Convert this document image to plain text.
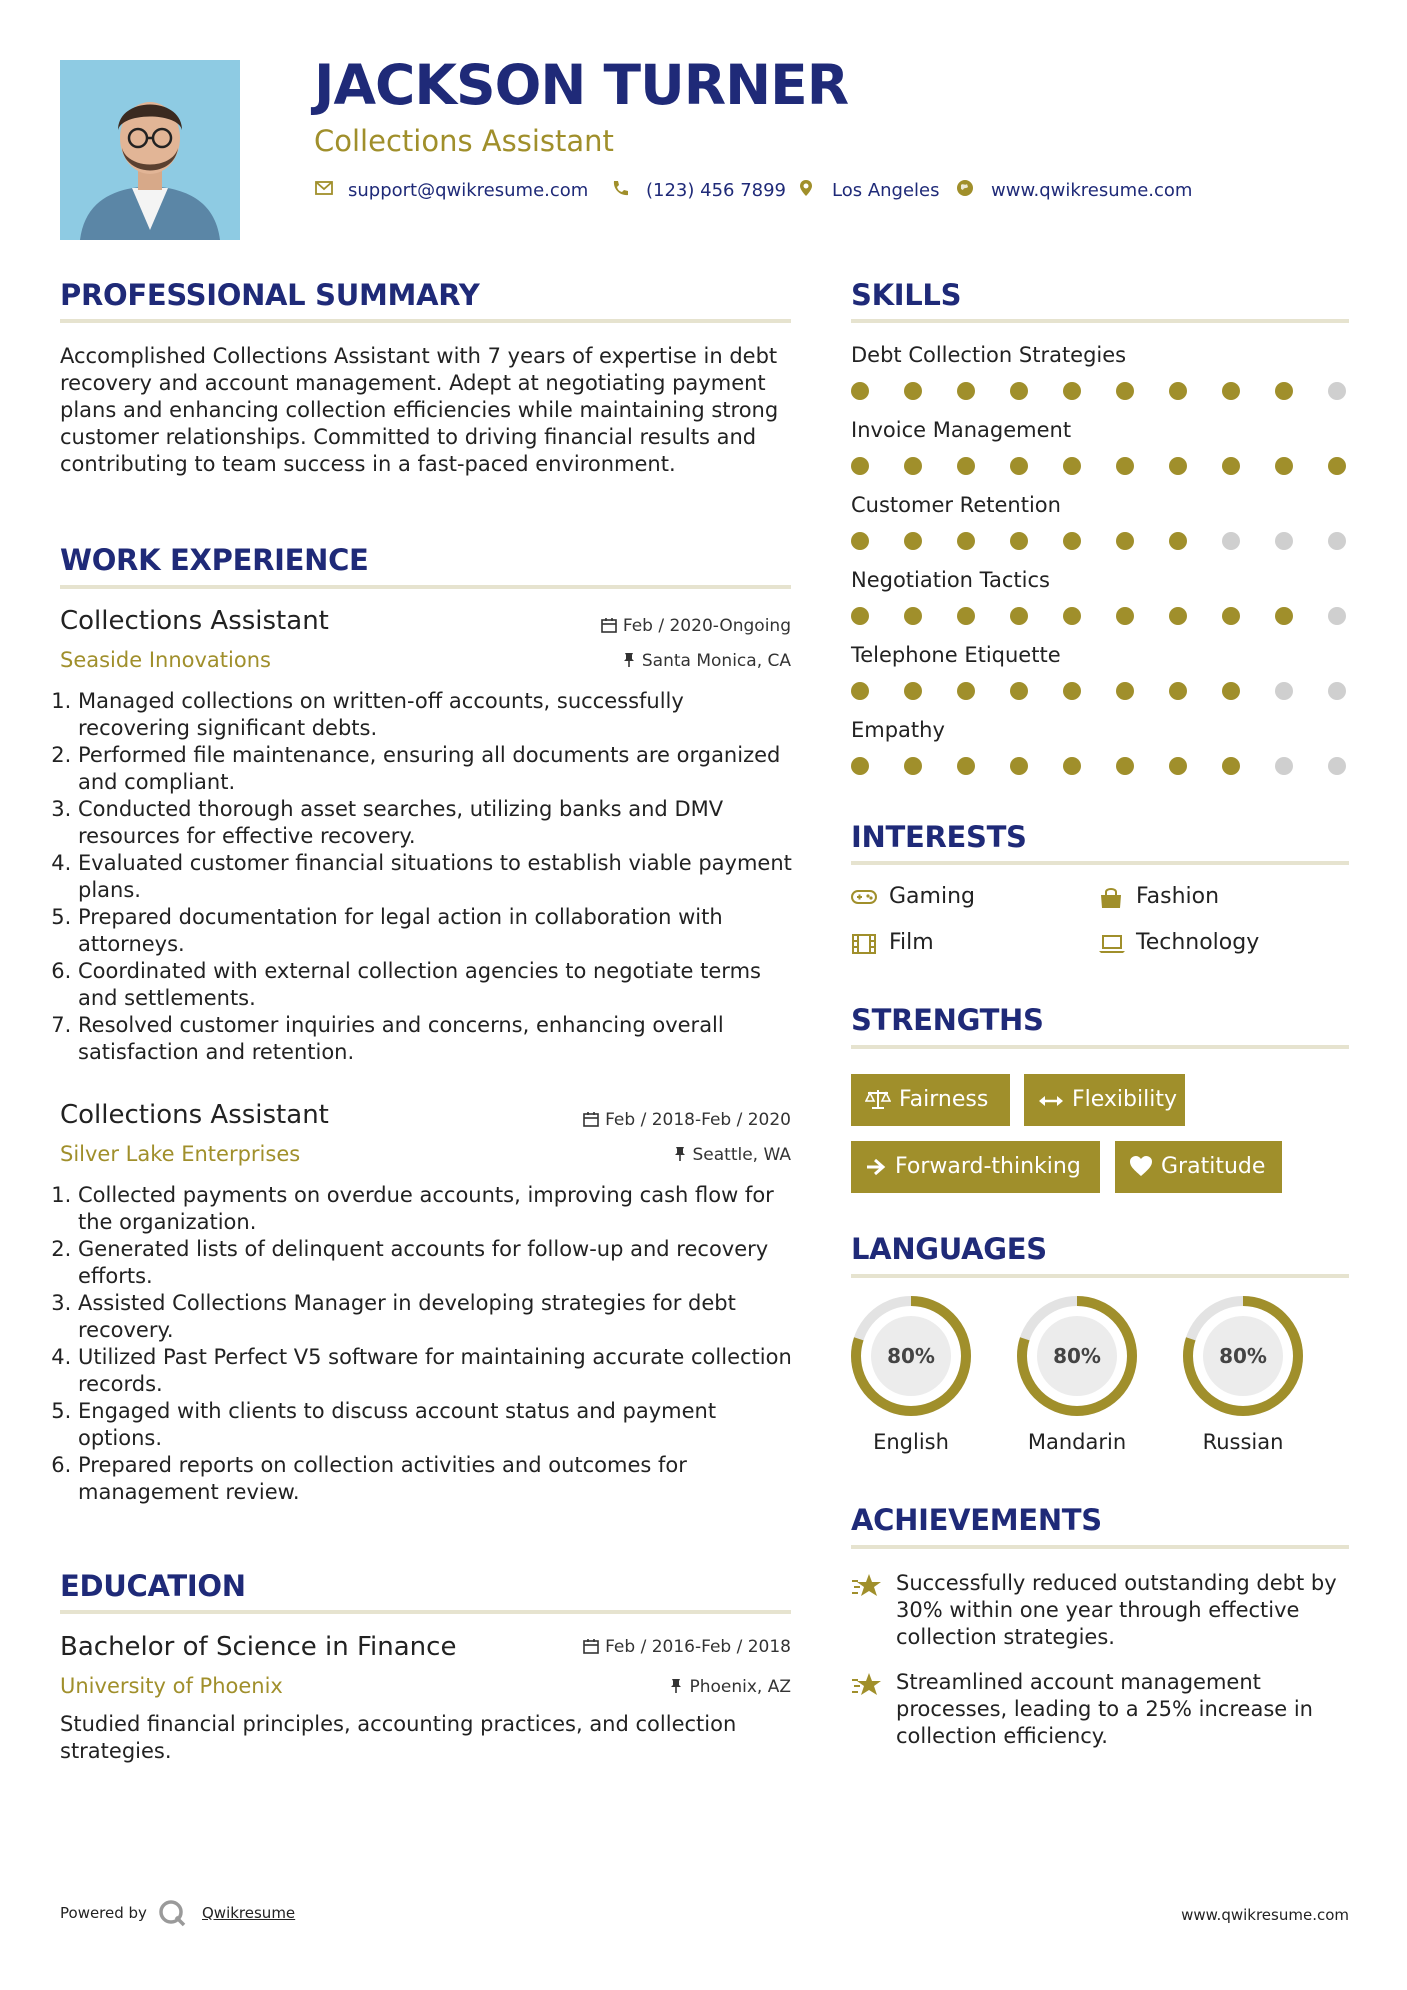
JACKSON TURNER
Collections Assistant
support@qwikresume.com	(123) 456 7899	Los Angeles	www.qwikresume.com
PROFESSIONAL SUMMARY
Accomplished Collections Assistant with 7 years of expertise in debt recovery and account management. Adept at negotiating payment plans and enhancing collection efficiencies while maintaining strong customer relationships. Committed to driving financial results and contributing to team success in a fast-paced environment.
WORK EXPERIENCE
Collections Assistant	Feb / 2020-Ongoing
Seaside Innovations	Santa Monica, CA
1. Managed collections on written-off accounts, successfully recovering significant debts.
2. Performed file maintenance, ensuring all documents are organized and compliant.
3. Conducted thorough asset searches, utilizing banks and DMV resources for effective recovery.
4. Evaluated customer financial situations to establish viable payment plans.
5. Prepared documentation for legal action in collaboration with attorneys.
6. Coordinated with external collection agencies to negotiate terms and settlements.
7. Resolved customer inquiries and concerns, enhancing overall satisfaction and retention.
Collections Assistant	Feb / 2018-Feb / 2020
Silver Lake Enterprises	Seattle, WA
1. Collected payments on overdue accounts, improving cash flow for the organization.
2. Generated lists of delinquent accounts for follow-up and recovery efforts.
3. Assisted Collections Manager in developing strategies for debt recovery.
4. Utilized Past Perfect V5 software for maintaining accurate collection records.
5. Engaged with clients to discuss account status and payment options.
6. Prepared reports on collection activities and outcomes for management review.
EDUCATION
Bachelor of Science in Finance	Feb / 2016-Feb / 2018
University of Phoenix	Phoenix, AZ
Studied financial principles, accounting practices, and collection strategies.
SKILLS
Debt Collection Strategies
Invoice Management
Customer Retention
Negotiation Tactics
Telephone Etiquette
Empathy
INTERESTS
Gaming	Fashion
Film	Technology
STRENGTHS
Fairness	Flexibility
Forward-thinking	Gratitude
LANGUAGES
80%	80%	80%
English	Mandarin	Russian
ACHIEVEMENTS
Successfully reduced outstanding debt by 30% within one year through effective collection strategies.
Streamlined account management processes, leading to a 25% increase in collection efficiency.
Powered by	Qwikresume	www.qwikresume.com
